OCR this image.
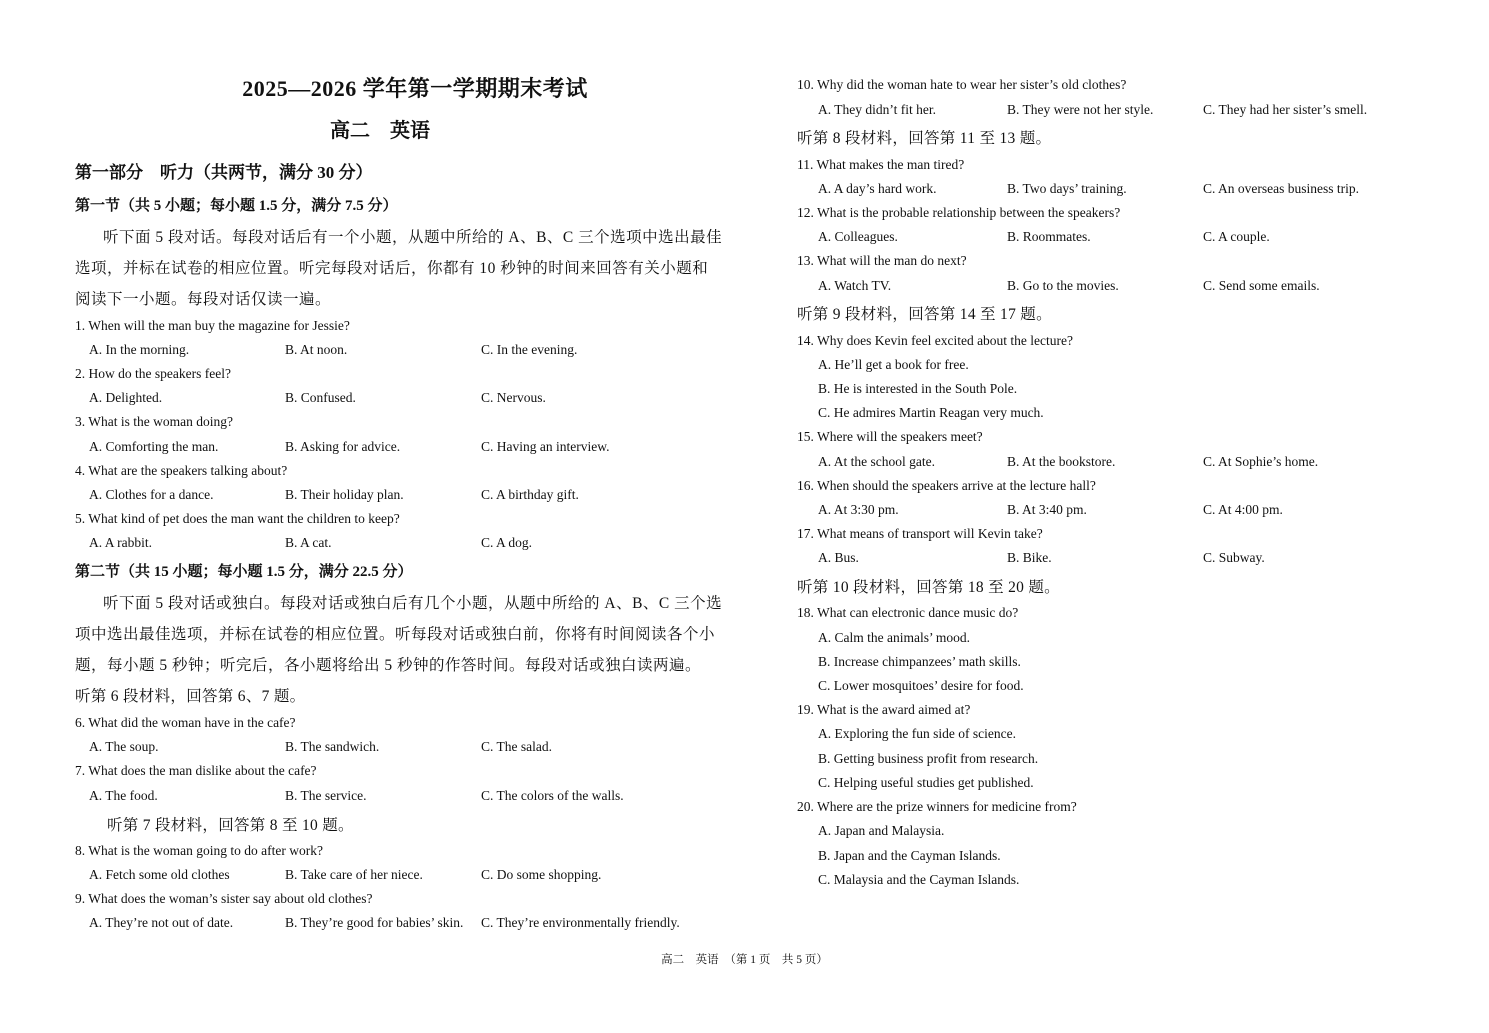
2025—2026 学年第一学期期末考试
高二　英语
第一部分　听力（共两节，满分 30 分）
第一节（共 5 小题；每小题 1.5 分，满分 7.5 分）
听下面 5 段对话。每段对话后有一个小题，从题中所给的 A、B、C 三个选项中选出最佳
选项，并标在试卷的相应位置。听完每段对话后，你都有 10 秒钟的时间来回答有关小题和
阅读下一小题。每段对话仅读一遍。
1. When will the man buy the magazine for Jessie?
A. In the morning.	B. At noon.	C. In the evening.
2. How do the speakers feel?
A. Delighted.	B. Confused.	C. Nervous.
3. What is the woman doing?
A. Comforting the man.	B. Asking for advice.	C. Having an interview.
4. What are the speakers talking about?
A. Clothes for a dance.	B. Their holiday plan.	C. A birthday gift.
5. What kind of pet does the man want the children to keep?
A. A rabbit.	B. A cat.	C. A dog.
第二节（共 15 小题；每小题 1.5 分，满分 22.5 分）
听下面 5 段对话或独白。每段对话或独白后有几个小题，从题中所给的 A、B、C 三个选
项中选出最佳选项，并标在试卷的相应位置。听每段对话或独白前，你将有时间阅读各个小
题，每小题 5 秒钟；听完后，各小题将给出 5 秒钟的作答时间。每段对话或独白读两遍。
听第 6 段材料，回答第 6、7 题。
6. What did the woman have in the cafe?
A. The soup.	B. The sandwich.	C. The salad.
7. What does the man dislike about the cafe?
A. The food.	B. The service.	C. The colors of the walls.
听第 7 段材料，回答第 8 至 10 题。
8. What is the woman going to do after work?
A. Fetch some old clothes	B. Take care of her niece.	C. Do some shopping.
9. What does the woman’s sister say about old clothes?
A. They’re not out of date.	B. They’re good for babies’ skin. C. They’re environmentally friendly.
10. Why did the woman hate to wear her sister’s old clothes?
A. They didn’t fit her.	B. They were not her style.	C. They had her sister’s smell.
听第 8 段材料，回答第 11 至 13 题。
11. What makes the man tired?
A. A day’s hard work.	B. Two days’ training.	C. An overseas business trip.
12. What is the probable relationship between the speakers?
A. Colleagues.	B. Roommates.	C. A couple.
13. What will the man do next?
A. Watch TV.	B. Go to the movies.	C. Send some emails.
听第 9 段材料，回答第 14 至 17 题。
14. Why does Kevin feel excited about the lecture?
A. He’ll get a book for free.
B. He is interested in the South Pole.
C. He admires Martin Reagan very much.
15. Where will the speakers meet?
A. At the school gate.	B. At the bookstore.	C. At Sophie’s home.
16. When should the speakers arrive at the lecture hall?
A. At 3:30 pm.	B. At 3:40 pm.	C. At 4:00 pm.
17. What means of transport will Kevin take?
A. Bus.	B. Bike.	C. Subway.
听第 10 段材料，回答第 18 至 20 题。
18. What can electronic dance music do?
A. Calm the animals’ mood.
B. Increase chimpanzees’ math skills.
C. Lower mosquitoes’ desire for food.
19. What is the award aimed at?
A. Exploring the fun side of science.
B. Getting business profit from research.
C. Helping useful studies get published.
20. Where are the prize winners for medicine from?
A. Japan and Malaysia.
B. Japan and the Cayman Islands.
C. Malaysia and the Cayman Islands.
高二　英语　（第 1 页　共 5 页）
